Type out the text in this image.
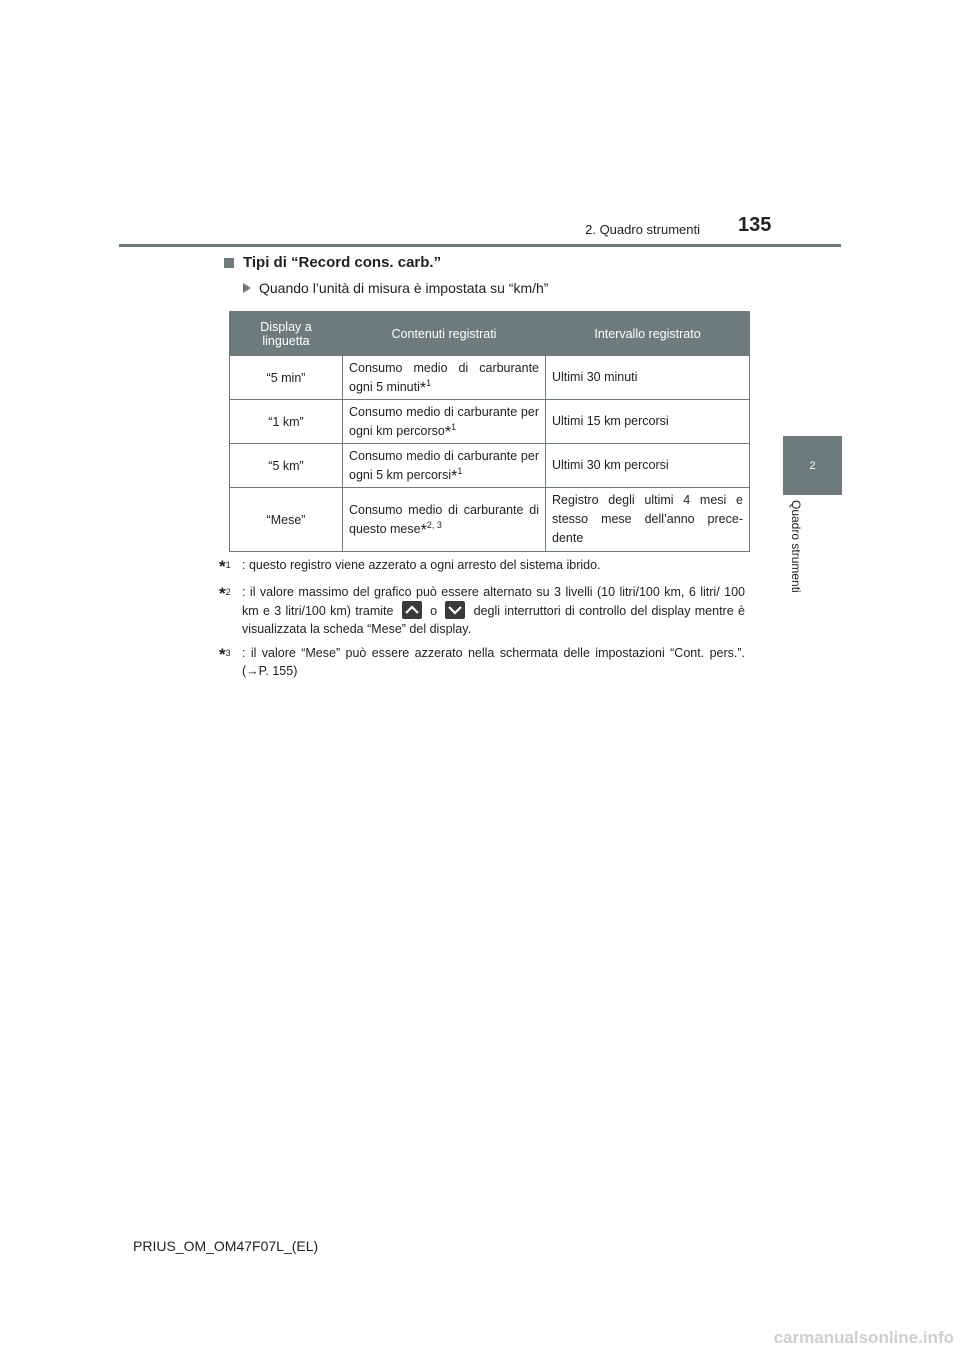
2. Quadro strumenti 135
2
Quadro strumenti
Tipi di “Record cons. carb.”
Quando l’unità di misura è impostata su “km/h”
Display a linguetta	Contenuti registrati	Intervallo registrato
“5 min”	Consumo medio di carburante ogni 5 minuti$^{*1}$	Ultimi 30 minuti
“1 km”	Consumo medio di carburante per ogni km percorso$^{*1}$	Ultimi 15 km percorsi
“5 km”	Consumo medio di carburante per ogni 5 km percorsi$^{*1}$	Ultimi 30 km percorsi
“Mese”	Consumo medio di carburante di questo mese$^{*2, 3}$	Registro degli ultimi 4 mesi e stesso mese dell’anno prece- dente
*$^1$ : questo registro viene azzerato a ogni arresto del sistema ibrido.
*$^2$ : il valore massimo del grafico può essere alternato su 3 livelli (10 litri/100 km, 6 litri/ 100 km e 3 litri/100 km) tramite	o	degli interruttori di controllo del display mentre è visualizzata la scheda “Mese” del display.
*$^3$ : il valore “Mese” può essere azzerato nella schermata delle impostazioni “Cont. pers.”. (→P. 155)
PRIUS_OM_OM47F07L_(EL)
carmanualsonline.info
